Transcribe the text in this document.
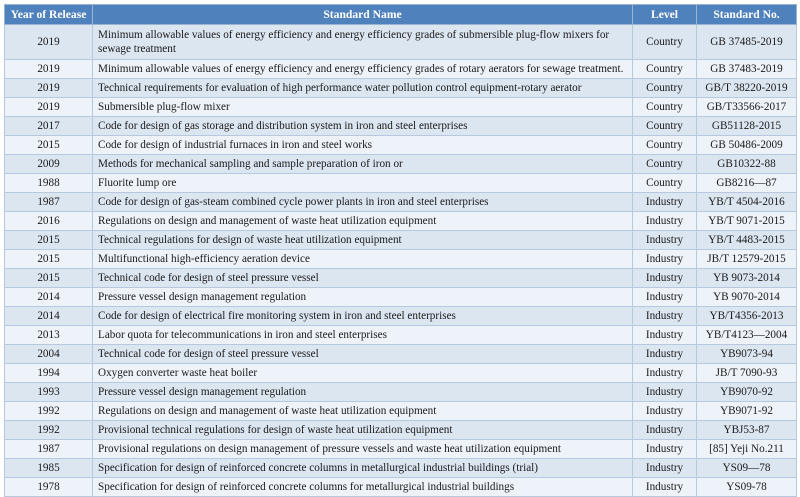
Year of Release	Standard Name	Level	Standard No.
2019	Minimum allowable values of energy efficiency and energy efficiency grades of submersible plug-flow mixers for sewage treatment	Country	GB 37485-2019
2019	Minimum allowable values of energy efficiency and energy efficiency grades of rotary aerators for sewage treatment.	Country	GB 37483-2019
2019	Technical requirements for evaluation of high performance water pollution control equipment-rotary aerator	Country	GB/T 38220-2019
2019	Submersible plug-flow mixer	Country	GB/T33566-2017
2017	Code for design of gas storage and distribution system in iron and steel enterprises	Country	GB51128-2015
2015	Code for design of industrial furnaces in iron and steel works	Country	GB 50486-2009
2009	Methods for mechanical sampling and sample preparation of iron or	Country	GB10322-88
1988	Fluorite lump ore	Country	GB8216—87
1987	Code for design of gas-steam combined cycle power plants in iron and steel enterprises	Industry	YB/T 4504-2016
2016	Regulations on design and management of waste heat utilization equipment	Industry	YB/T 9071-2015
2015	Technical regulations for design of waste heat utilization equipment	Industry	YB/T 4483-2015
2015	Multifunctional high-efficiency aeration device	Industry	JB/T 12579-2015
2015	Technical code for design of steel pressure vessel	Industry	YB 9073-2014
2014	Pressure vessel design management regulation	Industry	YB 9070-2014
2014	Code for design of electrical fire monitoring system in iron and steel enterprises	Industry	YB/T4356-2013
2013	Labor quota for telecommunications in iron and steel enterprises	Industry	YB/T4123—2004
2004	Technical code for design of steel pressure vessel	Industry	YB9073-94
1994	Oxygen converter waste heat boiler	Industry	JB/T 7090-93
1993	Pressure vessel design management regulation	Industry	YB9070-92
1992	Regulations on design and management of waste heat utilization equipment	Industry	YB9071-92
1992	Provisional technical regulations for design of waste heat utilization equipment	Industry	YBJ53-87
1987	Provisional regulations on design management of pressure vessels and waste heat utilization equipment	Industry	[85] Yeji No.211
1985	Specification for design of reinforced concrete columns in metallurgical industrial buildings (trial)	Industry	YS09—78
1978	Specification for design of reinforced concrete columns for metallurgical industrial buildings	Industry	YS09-78
